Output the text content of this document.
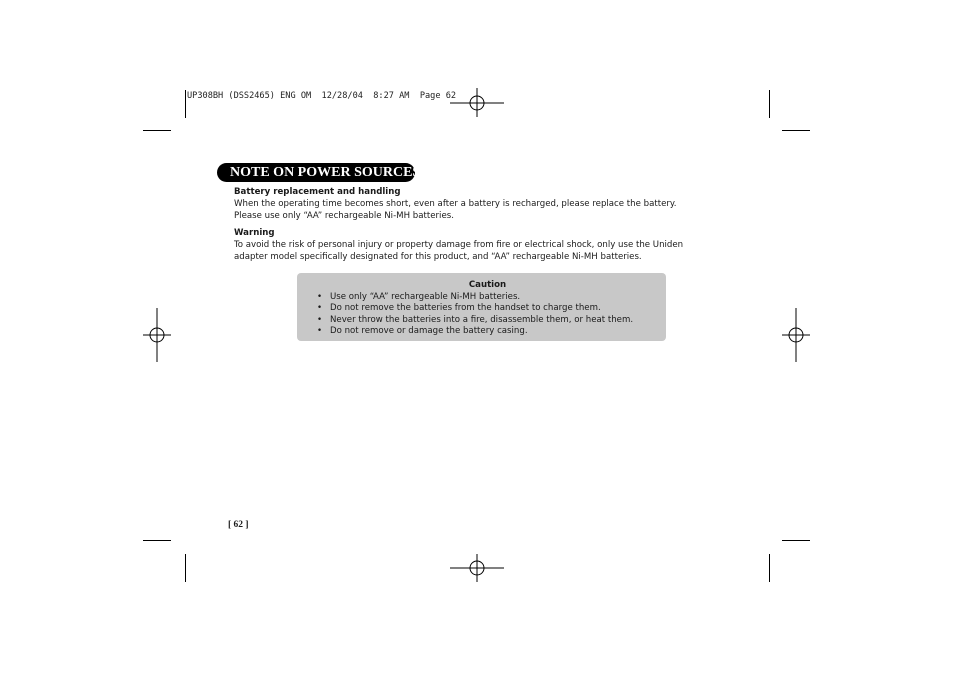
UP308BH (DSS2465) ENG OM  12/28/04  8:27 AM  Page 62
NOTE ON POWER SOURCES

Battery replacement and handling

When the operating time becomes short, even after a battery is recharged, please replace the battery.

Please use only “AA” rechargeable Ni-MH batteries.

Warning

To avoid the risk of personal injury or property damage from fire or electrical shock, only use the Uniden

adapter model specifically designated for this product, and “AA” rechargeable Ni-MH batteries.

Caution
• Use only “AA” rechargeable Ni-MH batteries.
• Do not remove the batteries from the handset to charge them.
• Never throw the batteries into a fire, disassemble them, or heat them.
• Do not remove or damage the battery casing.
[ 62 ]
